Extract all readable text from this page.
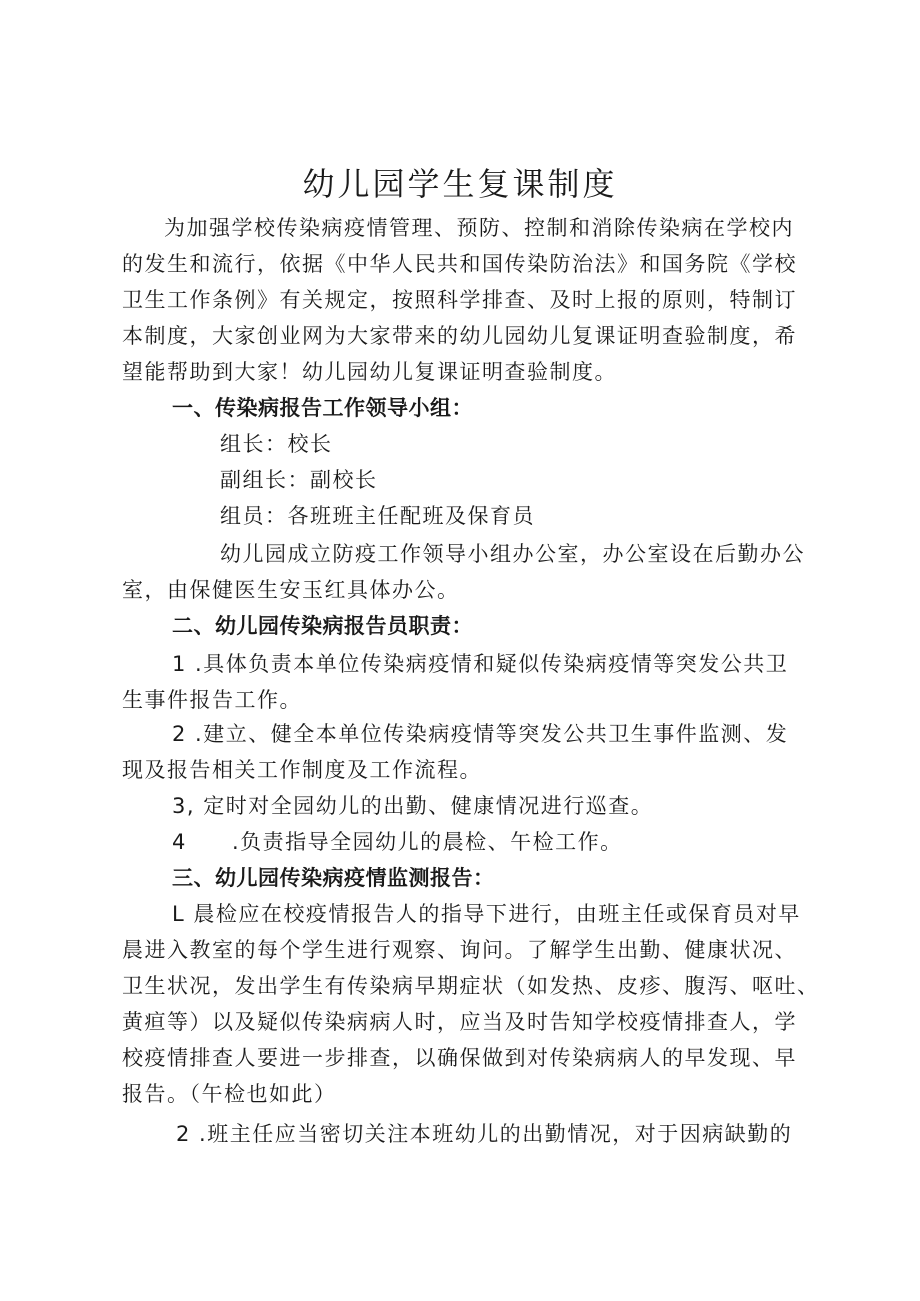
幼儿园学生复课制度
为加强学校传染病疫情管理、预防、控制和消除传染病在学校内
的发生和流行，依据《中华人民共和国传染防治法》和国务院《学校
卫生工作条例》有关规定，按照科学排查、及时上报的原则，特制订
本制度，大家创业网为大家带来的幼儿园幼儿复课证明查验制度，希
望能帮助到大家！幼儿园幼儿复课证明查验制度。
一、传染病报告工作领导小组：
组长：校长
副组长：副校长
组员：各班班主任配班及保育员
幼儿园成立防疫工作领导小组办公室，办公室设在后勤办公
室，由保健医生安玉红具体办公。
二、幼儿园传染病报告员职责：
1 .具体负责本单位传染病疫情和疑似传染病疫情等突发公共卫
生事件报告工作。
2 .建立、健全本单位传染病疫情等突发公共卫生事件监测、发
现及报告相关工作制度及工作流程。
3, 定时对全园幼儿的出勤、健康情况进行巡查。
4	.负责指导全园幼儿的晨检、午检工作。
三、幼儿园传染病疫情监测报告：
L 晨检应在校疫情报告人的指导下进行，由班主任或保育员对早
晨进入教室的每个学生进行观察、询问。了解学生出勤、健康状况、
卫生状况，发出学生有传染病早期症状（如发热、皮疹、腹泻、呕吐、
黄疸等）以及疑似传染病病人时，应当及时告知学校疫情排查人，学
校疫情排查人要进一步排查，以确保做到对传染病病人的早发现、早
报告。（午检也如此）
2 .班主任应当密切关注本班幼儿的出勤情况，对于因病缺勤的
